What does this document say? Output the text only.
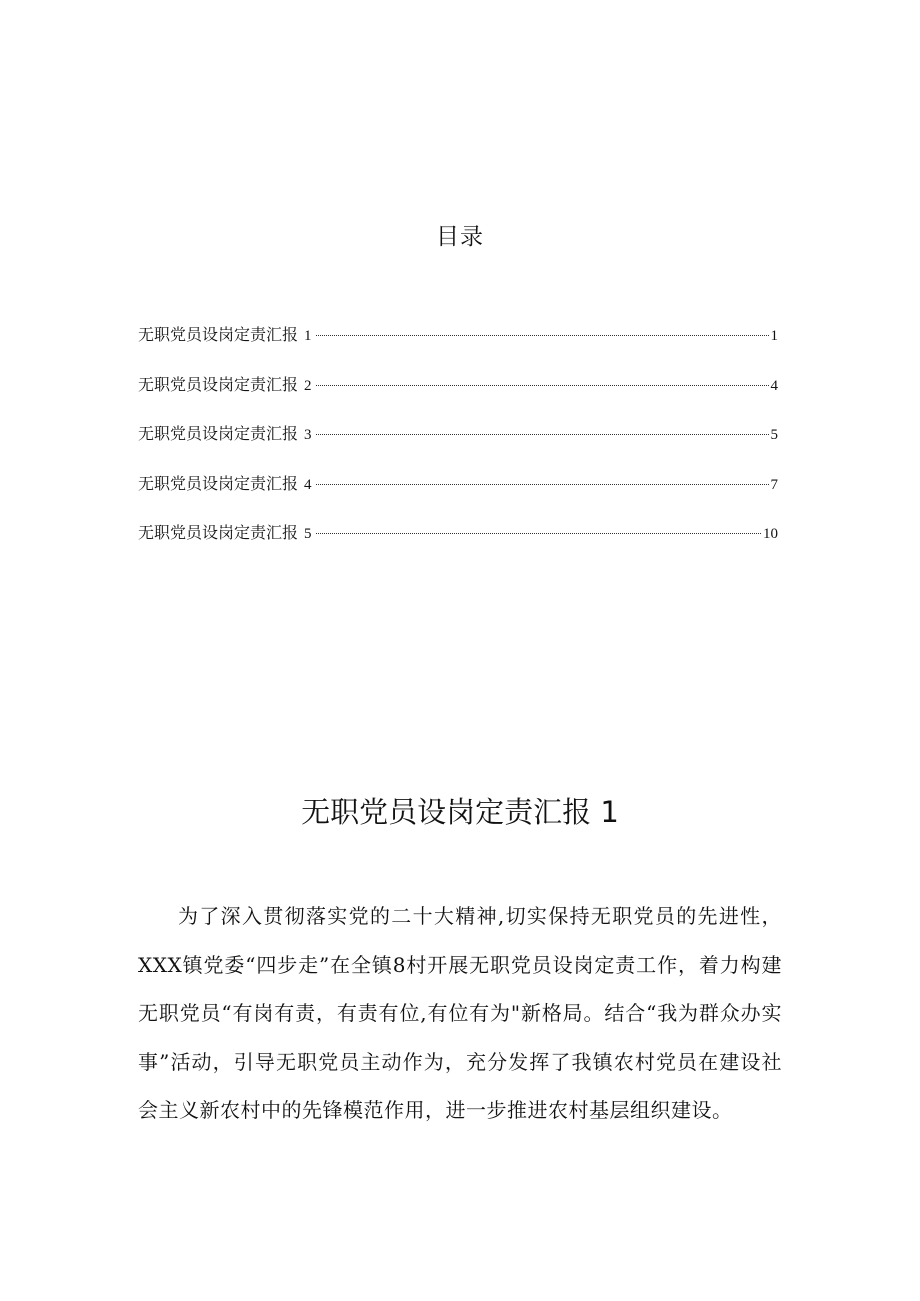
目录
无职党员设岗定责汇报 1	1
无职党员设岗定责汇报 2	4
无职党员设岗定责汇报 3	5
无职党员设岗定责汇报 4	7
无职党员设岗定责汇报 5	10
无职党员设岗定责汇报 1

为了深入贯彻落实党的二十大精神,切实保持无职党员的先进性，XXX镇党委“四步走”在全镇8村开展无职党员设岗定责工作，着力构建无职党员“有岗有责，有责有位,有位有为"新格局。结合“我为群众办实事”活动，引导无职党员主动作为，充分发挥了我镇农村党员在建设社会主义新农村中的先锋模范作用，进一步推进农村基层组织建设。
